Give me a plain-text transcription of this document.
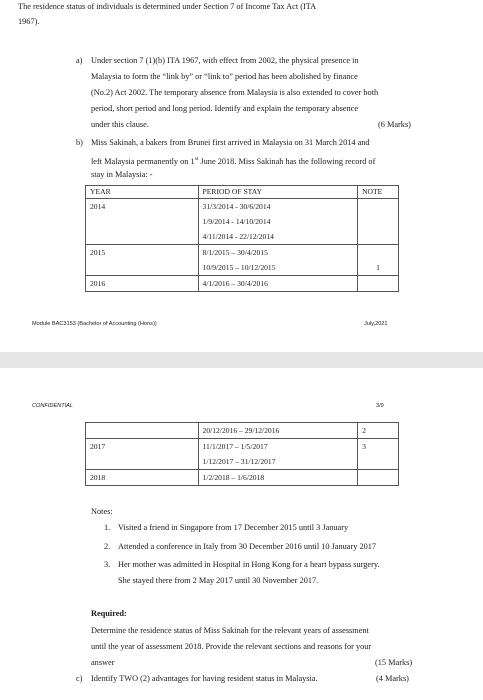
The residence status of individuals is determined under Section 7 of Income Tax Act (ITA
1967).
a) Under section 7 (1)(b) ITA 1967, with effect from 2002, the physical presence in
Malaysia to form the “link by” or “link to” period has been abolished by finance
(No.2) Act 2002. The temporary absence from Malaysia is also extended to cover both
period, short period and long period. Identify and explain the temporary absence
under this clause.	(6 Marks)
b) Miss Sakinah, a bakers from Brunei first arrived in Malaysia on 31 March 2014 and
left Malaysia permanently on 1st June 2018. Miss Sakinah has the following record of
stay in Malaysia: -
YEAR	PERIOD OF STAY	NOTE

2014	31/3/2014 - 30/6/2014
1/9/2014 - 14/10/2014
4/11/2014 - 22/12/2014	

2015	8/1/2015 – 30/4/2015
10/9/2015 – 10/12/2015	1

2016	4/1/2016 – 30/4/2016	

Module BAC3153 (Bachelor of Accounting (Hons))	July,2021
CONFIDENTIAL	3/9

	20/12/2016 – 29/12/2016	2

2017	11/1/2017 – 1/5/2017
1/12/2017 – 31/12/2017	3

2018	1/2/2018 – 1/6/2018	

Notes:
1. Visited a friend in Singapore from 17 December 2015 until 3 January
2. Attended a conference in Italy from 30 December 2016 until 10 January 2017
3. Her mother was admitted in Hospital in Hong Kong for a heart bypass surgery.
She stayed there from 2 May 2017 until 30 November 2017.
Required:
Determine the residence status of Miss Sakinah for the relevant years of assessment
until the year of assessment 2018. Provide the relevant sections and reasons for your
answer	(15 Marks)
c) Identify TWO (2) advantages for having resident status in Malaysia.	(4 Marks)
